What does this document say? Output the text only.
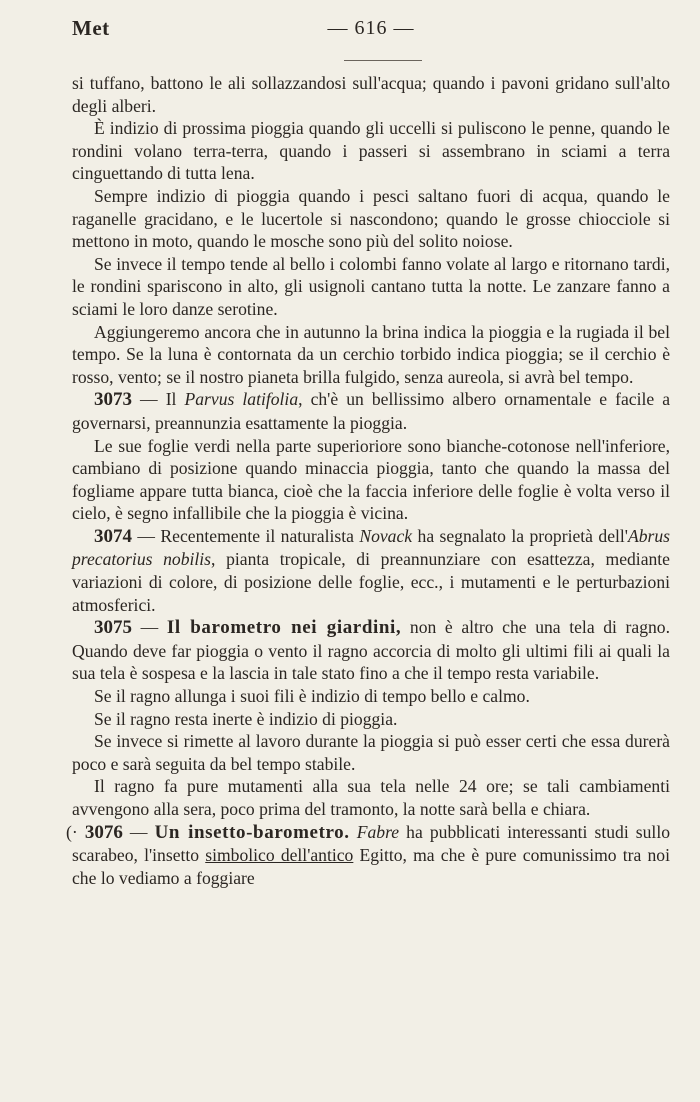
Met	— 616 —

si tuffano, battono le ali sollazzandosi sull'acqua; quando i pavoni gridano sull'alto degli alberi.

È indizio di prossima pioggia quando gli uccelli si puliscono le penne, quando le rondini volano terra-terra, quando i passeri si assembrano in sciami a terra cinguettando di tutta lena.

Sempre indizio di pioggia quando i pesci saltano fuori di acqua, quando le raganelle gracidano, e le lucertole si nascondono; quando le grosse chiocciole si mettono in moto, quando le mosche sono più del solito noiose.

Se invece il tempo tende al bello i colombi fanno volate al largo e ritornano tardi, le rondini spariscono in alto, gli usignoli cantano tutta la notte. Le zanzare fanno a sciami le loro danze serotine.

Aggiungeremo ancora che in autunno la brina indica la pioggia e la rugiada il bel tempo. Se la luna è contornata da un cerchio torbido indica pioggia; se il cerchio è rosso, vento; se il nostro pianeta brilla fulgido, senza aureola, si avrà bel tempo.

3073 — Il Parvus latifolia, ch'è un bellissimo albero ornamentale e facile a governarsi, preannunzia esattamente la pioggia.

Le sue foglie verdi nella parte superioriore sono bianche-cotonose nell'inferiore, cambiano di posizione quando minaccia pioggia, tanto che quando la massa del fogliame appare tutta bianca, cioè che la faccia inferiore delle foglie è volta verso il cielo, è segno infallibile che la pioggia è vicina.

3074 — Recentemente il naturalista Novack ha segnalato la proprietà dell'Abrus precatorius nobilis, pianta tropicale, di preannunziare con esattezza, mediante variazioni di colore, di posizione delle foglie, ecc., i mutamenti e le perturbazioni atmosferici.

3075 — Il barometro nei giardini, non è altro che una tela di ragno. Quando deve far pioggia o vento il ragno accorcia di molto gli ultimi fili ai quali la sua tela è sospesa e la lascia in tale stato fino a che il tempo resta variabile.

Se il ragno allunga i suoi fili è indizio di tempo bello e calmo.

Se il ragno resta inerte è indizio di pioggia.

Se invece si rimette al lavoro durante la pioggia si può esser certi che essa durerà poco e sarà seguita da bel tempo stabile.

Il ragno fa pure mutamenti alla sua tela nelle 24 ore; se tali cambiamenti avvengono alla sera, poco prima del tramonto, la notte sarà bella e chiara.

(· 3076 — Un insetto-barometro. Fabre ha pubblicati interessanti studi sullo scarabeo, l'insetto simbolico dell'antico Egitto, ma che è pure comunissimo tra noi che lo vediamo a foggiare
